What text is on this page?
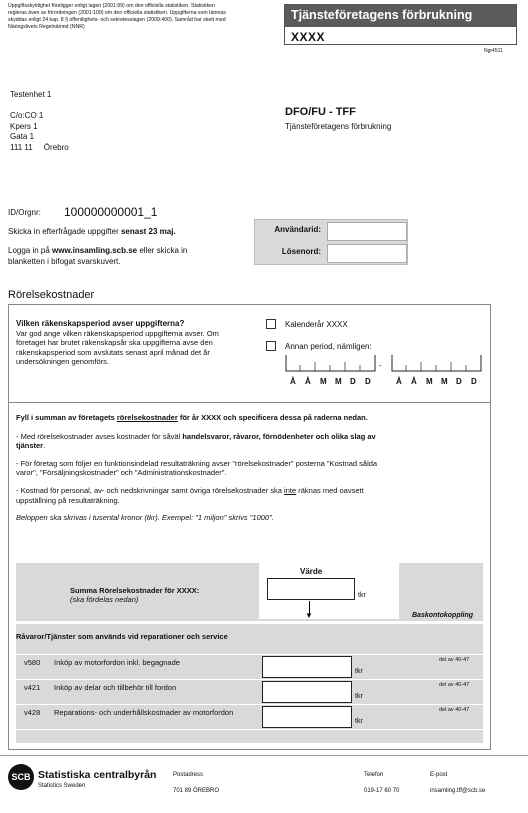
Uppgiftsskyldighet föreligger enligt lagen (2001:99) om den officiella statistiken. Statistiken regleras även av förordningen (2001:100) om den officiella statistiken. Uppgifterna som lämnas skyddas enligt 24 kap. 8 § offentlighets- och sekretesslagen (2009:400). Samråd har skett med Näringslivets Regelnämnd (NNR)
Tjänsteföretagens förbrukning
XXXX
Ngr4511
Testenhet 1

C/o:CO 1
Kpers 1
Gata 1
111 11     Örebro
DFO/FU - TFF
Tjänsteföretagens förbrukning
ID/Orgnr: 100000000001_1
Skicka in efterfrågade uppgifter senast 23 maj.
Logga in på www.insamling.scb.se eller skicka in blanketten i bifogat svarskuvert.
Användarid:
Lösenord:
Rörelsekostnader
Vilken räkenskapsperiod avser uppgifterna?
Var god ange vilken räkenskapsperiod uppgifterna avser. Om företaget har brutet räkenskapsår ska uppgifterna avse den räkenskapsperiod som avslutats senast april månad det år undersökningen genomförs.
Kalenderår XXXX
Annan period, nämligen:
-
Å Å M M D D	Å Å M M D D

Fyll i summan av företagets rörelsekostnader för år XXXX och specificera dessa på raderna nedan.

- Med rörelsekostnader avses kostnader för såväl handelsvaror, råvaror, förnödenheter och olika slag av tjänster.

- För företag som följer en funktionsindelad resultaträkning avser "rörelsekostnader" posterna "Kostnad sålda varor", "Försäljningskostnader" och "Administrationskostnader".

- Kostnad för personal, av- och nedskrivningar samt övriga rörelsekostnader ska inte räknas med oavsett uppställning på resultaträkning.

Beloppen ska skrivas i tusental kronor (tkr). Exempel: "1 miljon" skrivs "1000".

Värde
Summa Rörelsekostnader för XXXX:
(ska fördelas nedan)	tkr
▼	Baskontokoppling
Råvaror/Tjänster som används vid reparationer och service
v580 Inköp av motorfordon inkl. begagnade
tkr
del av 40-47
v421 Inköp av delar och tillbehör till fordon
tkr
del av 40-47
v428 Reparations- och underhållskostnader av motorfordon
tkr
del av 40-47
SCB Statistiska centralbyrån
Statistics Sweden
Postadress
701 89 ÖREBRO
Telefon
019-17 60 70
E-post
insamling.tff@scb.se
